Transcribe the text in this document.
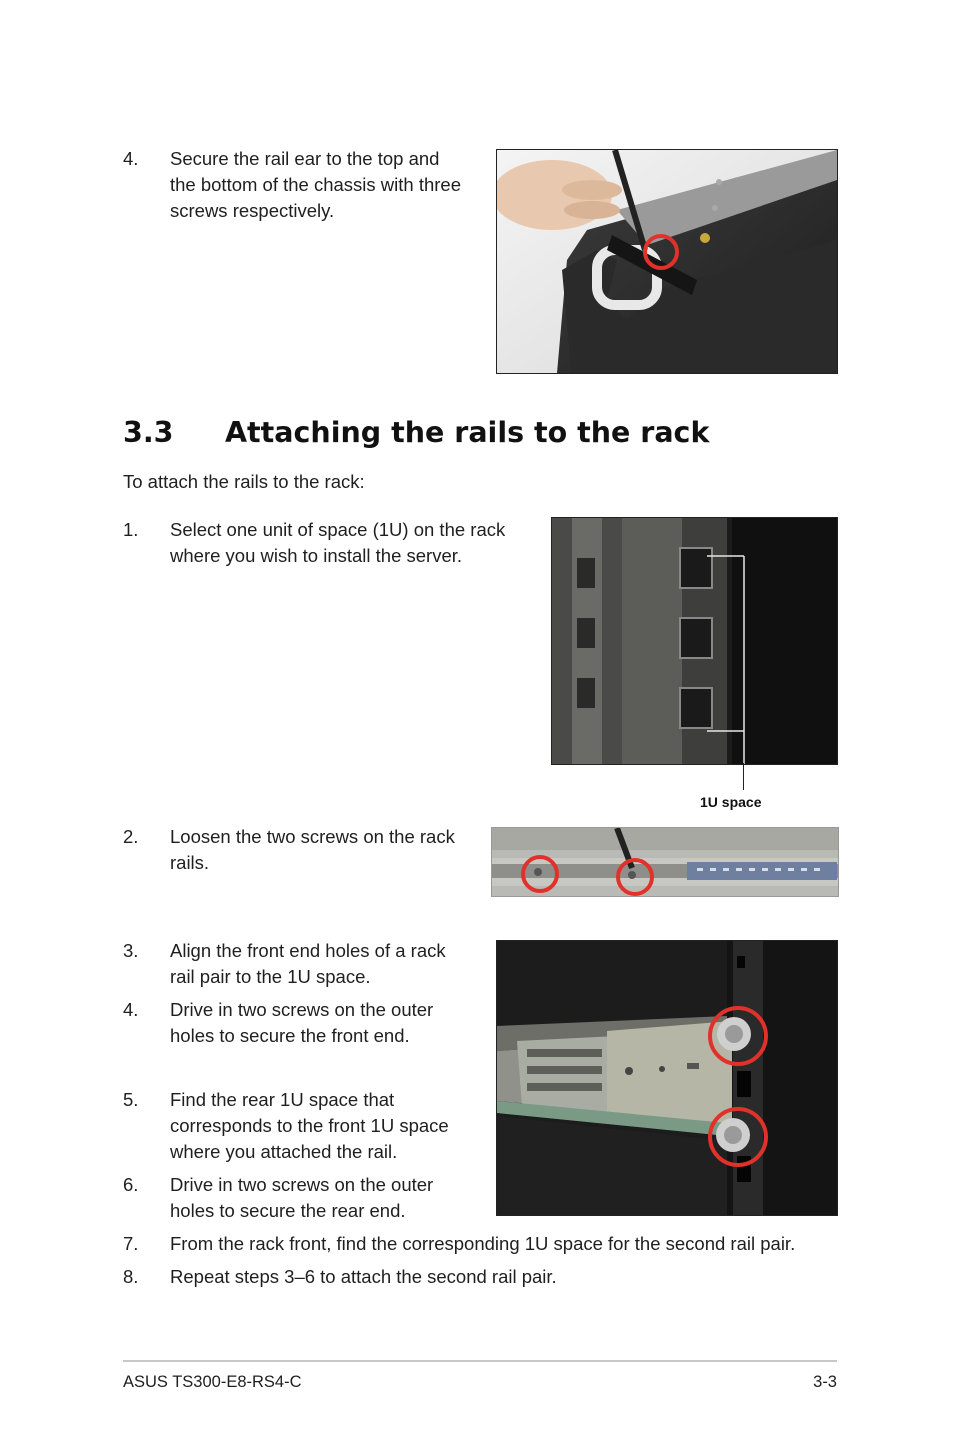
4. Secure the rail ear to the top and
the bottom of the chassis with three
screws respectively.
3.3 Attaching the rails to the rack
To attach the rails to the rack:
1. Select one unit of space (1U) on the rack
where you wish to install the server.
1U space
2. Loosen the two screws on the rack
rails.
3. Align the front end holes of a rack
rail pair to the 1U space.
4. Drive in two screws on the outer
holes to secure the front end.
5. Find the rear 1U space that
corresponds to the front 1U space
where you attached the rail.
6. Drive in two screws on the outer
holes to secure the rear end.
7. From the rack front, find the corresponding 1U space for the second rail pair.
8. Repeat steps 3–6 to attach the second rail pair.
ASUS TS300-E8-RS4-C	3-3
